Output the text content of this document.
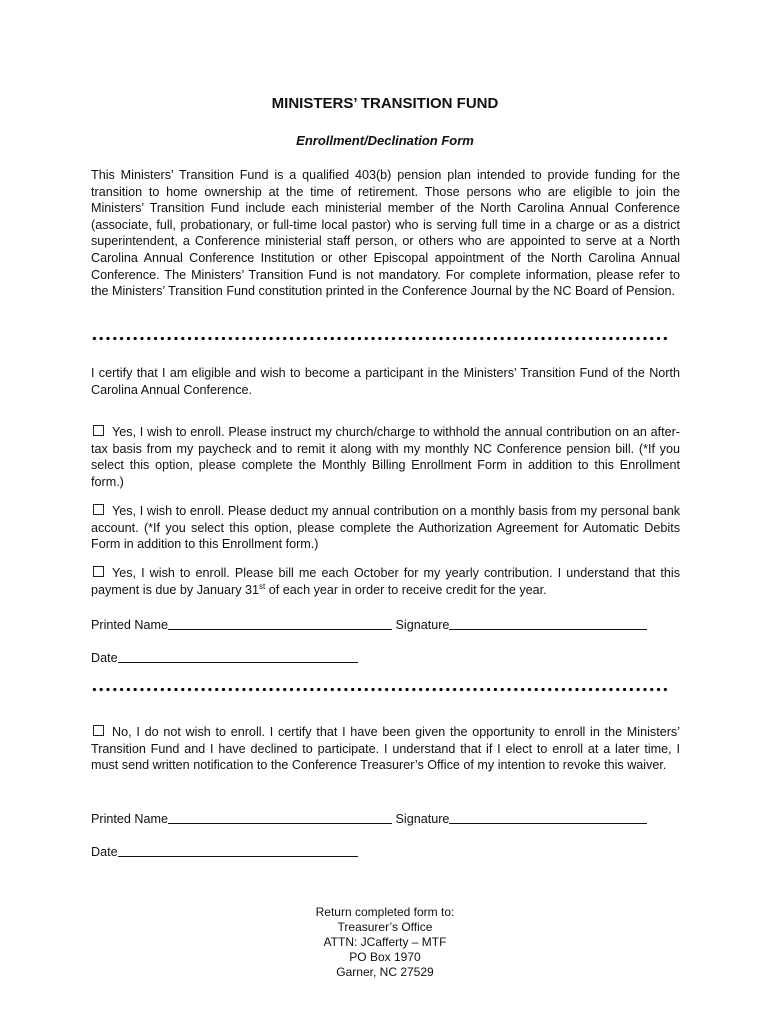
MINISTERS’ TRANSITION FUND
Enrollment/Declination Form
This Ministers’ Transition Fund is a qualified 403(b) pension plan intended to provide funding for the transition to home ownership at the time of retirement. Those persons who are eligible to join the Ministers’ Transition Fund include each ministerial member of the North Carolina Annual Conference (associate, full, probationary, or full-time local pastor) who is serving full time in a charge or as a district superintendent, a Conference ministerial staff person, or others who are appointed to serve at a North Carolina Annual Conference Institution or other Episcopal appointment of the North Carolina Annual Conference. The Ministers’ Transition Fund is not mandatory. For complete information, please refer to the Ministers’ Transition Fund constitution printed in the Conference Journal by the NC Board of Pension.
I certify that I am eligible and wish to become a participant in the Ministers’ Transition Fund of the North Carolina Annual Conference.
Yes, I wish to enroll. Please instruct my church/charge to withhold the annual contribution on an after-tax basis from my paycheck and to remit it along with my monthly NC Conference pension bill. (*If you select this option, please complete the Monthly Billing Enrollment Form in addition to this Enrollment form.)
Yes, I wish to enroll. Please deduct my annual contribution on a monthly basis from my personal bank account. (*If you select this option, please complete the Authorization Agreement for Automatic Debits Form in addition to this Enrollment form.)
Yes, I wish to enroll. Please bill me each October for my yearly contribution. I understand that this payment is due by January 31st of each year in order to receive credit for the year.
Printed Name	Signature
Date
No, I do not wish to enroll. I certify that I have been given the opportunity to enroll in the Ministers’ Transition Fund and I have declined to participate. I understand that if I elect to enroll at a later time, I must send written notification to the Conference Treasurer’s Office of my intention to revoke this waiver.
Printed Name	Signature
Date
Return completed form to:
Treasurer’s Office
ATTN: JCafferty – MTF
PO Box 1970
Garner, NC 27529
